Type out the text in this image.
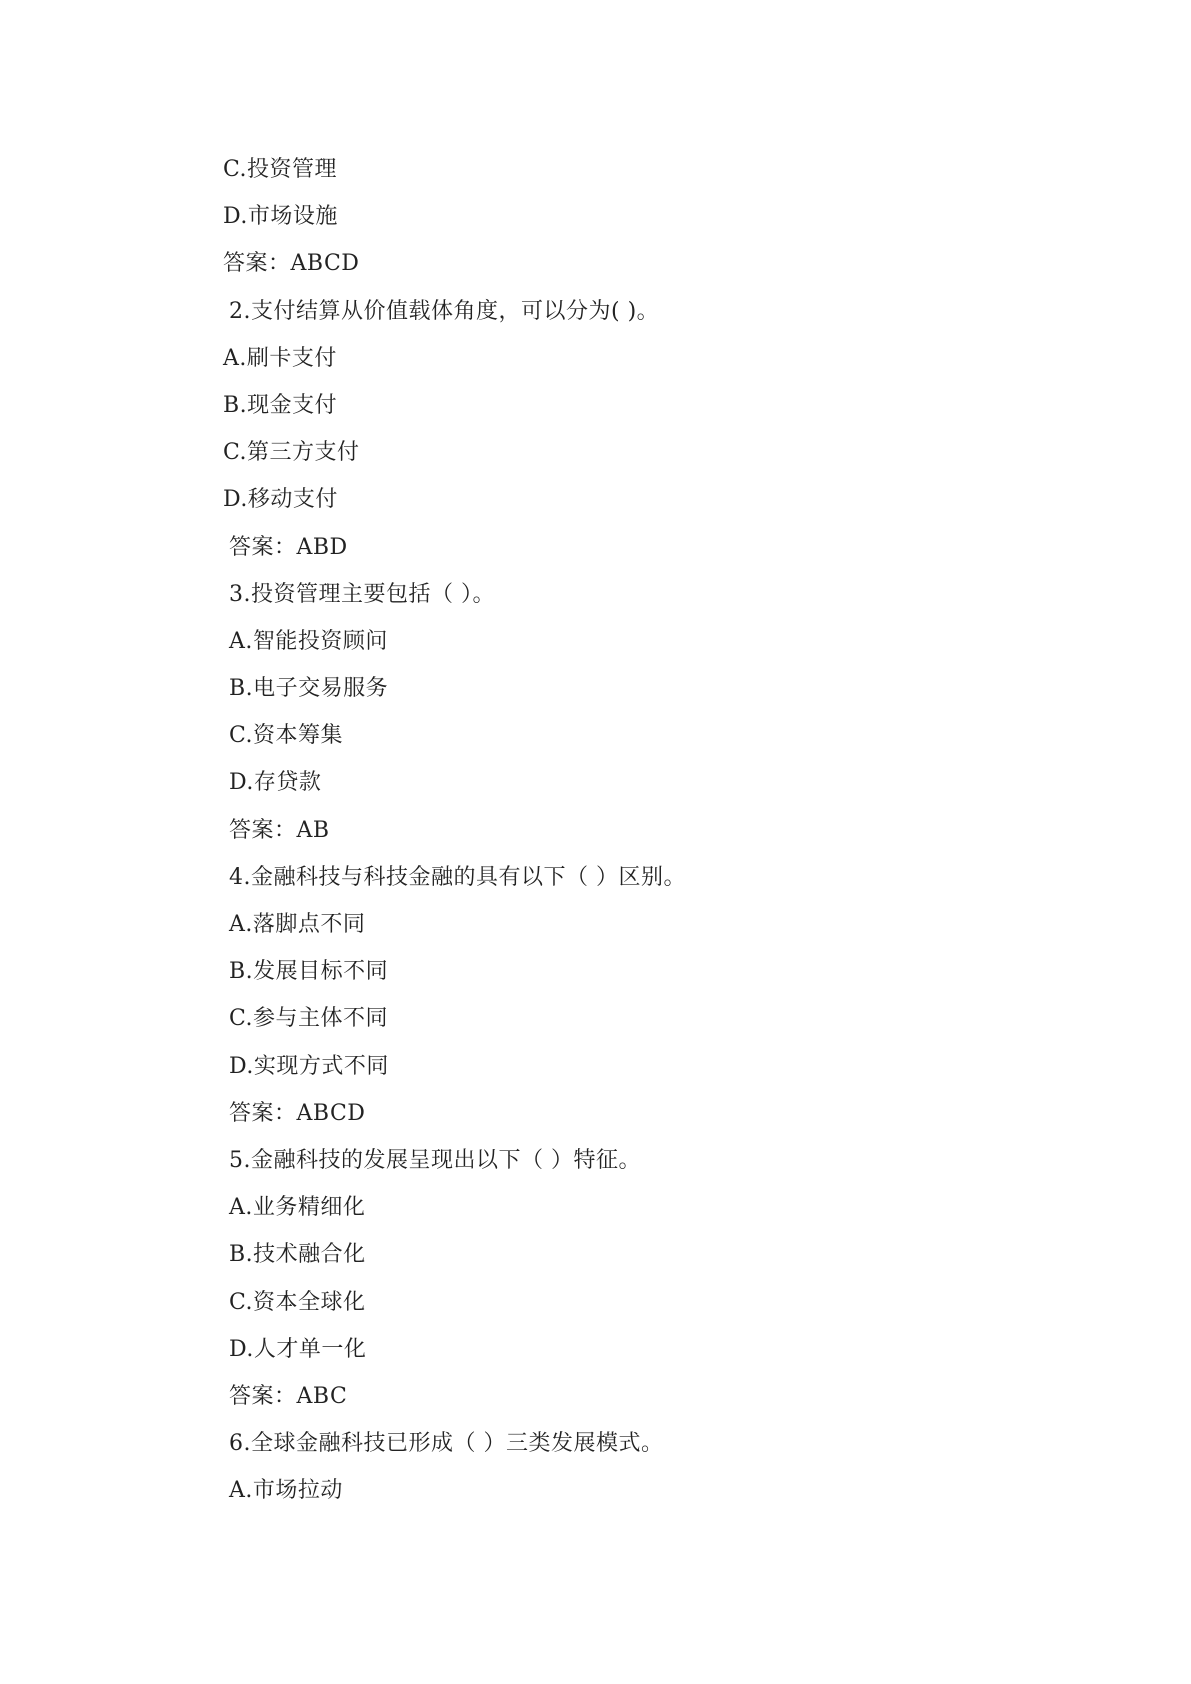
C.投资管理
D.市场设施
答案：ABCD
2.支付结算从价值载体角度，可以分为( )。
A.刷卡支付
B.现金支付
C.第三方支付
D.移动支付
答案：ABD
3.投资管理主要包括（ ）。
A.智能投资顾问
B.电子交易服务
C.资本筹集
D.存贷款
答案：AB
4.金融科技与科技金融的具有以下（ ）区别。
A.落脚点不同
B.发展目标不同
C.参与主体不同
D.实现方式不同
答案：ABCD
5.金融科技的发展呈现出以下（ ）特征。
A.业务精细化
B.技术融合化
C.资本全球化
D.人才单一化
答案：ABC
6.全球金融科技已形成（ ）三类发展模式。
A.市场拉动
